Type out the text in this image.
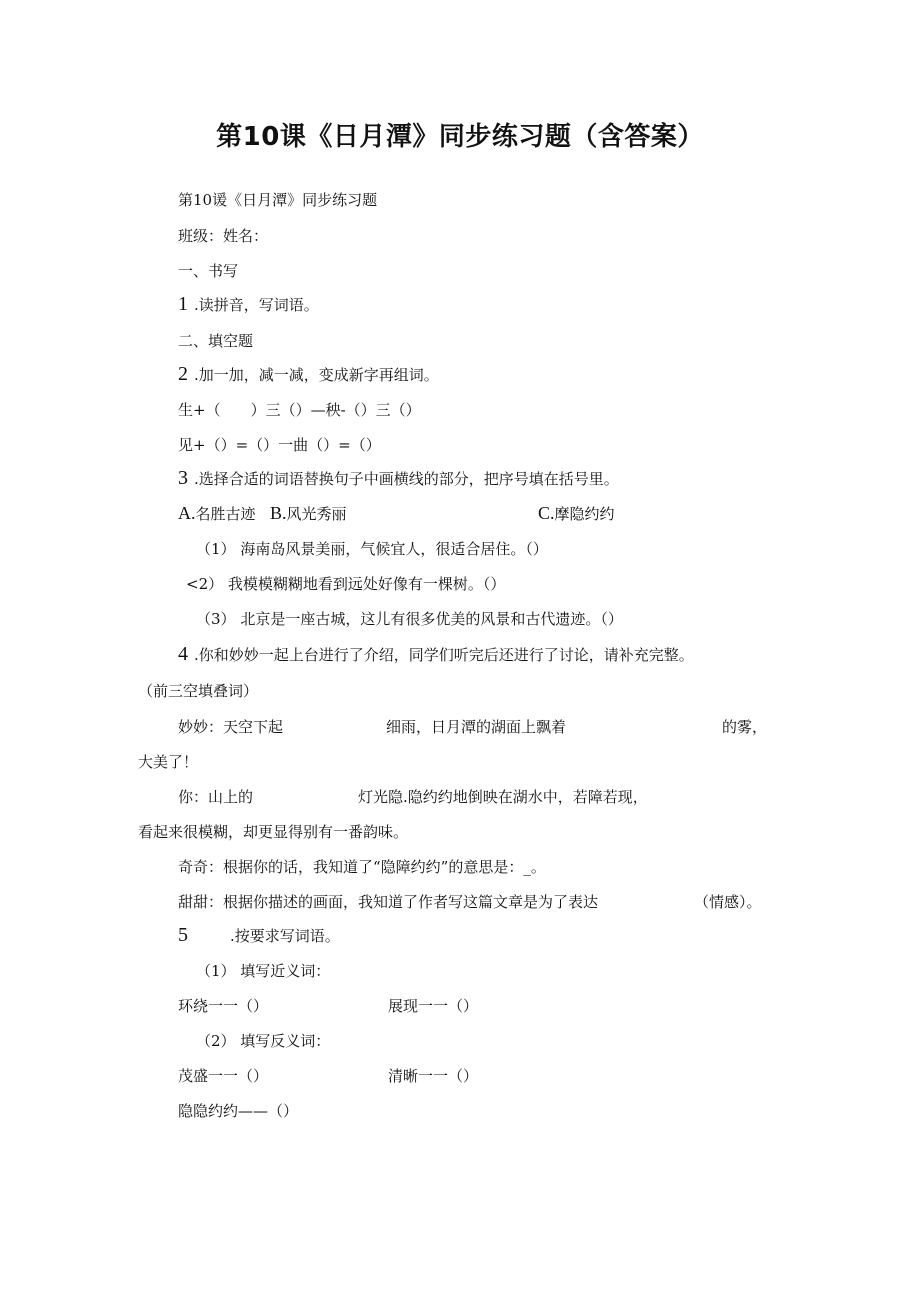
第10课《日月潭》同步练习题（含答案）
第10谖《日月潭》同步练习题
班级：姓名：
一、书写
1 .读拼音，写词语。
二、填空题
2 .加一加，减一减，变成新字再组词。
生+（　　）三（）—秧-（）三（）
见+（）=（）一曲（）=（）
3 .选择合适的词语替换句子中画横线的部分，把序号填在括号里。
A.名胜古迹 B.风光秀丽	C.摩隐约约
（1） 海南岛风景美丽，气候宜人，很适合居住。（）
<2） 我模模糊糊地看到远处好像有一棵树。（）
（3） 北京是一座古城，这儿有很多优美的风景和古代遗迹。（）
4 .你和妙妙一起上台进行了介绍，同学们听完后还进行了讨论，请补充完整。
（前三空填叠词）
妙妙：天空下起	细雨，日月潭的湖面上飘着	的雾，
大美了！
你：山上的	灯光隐.隐约约地倒映在湖水中，若障若现，
看起来很模糊，却更显得别有一番韵味。
奇奇：根据你的话，我知道了“隐障约约”的意思是：_。
甜甜：根据你描述的画面，我知道了作者写这篇文章是为了表达	（情感）。
5	.按要求写词语。
（1） 填写近义词：
环绕一一（）	展现一一（）
（2） 填写反义词：
茂盛一一（）	清晰一一（）
隐隐约约——（）
